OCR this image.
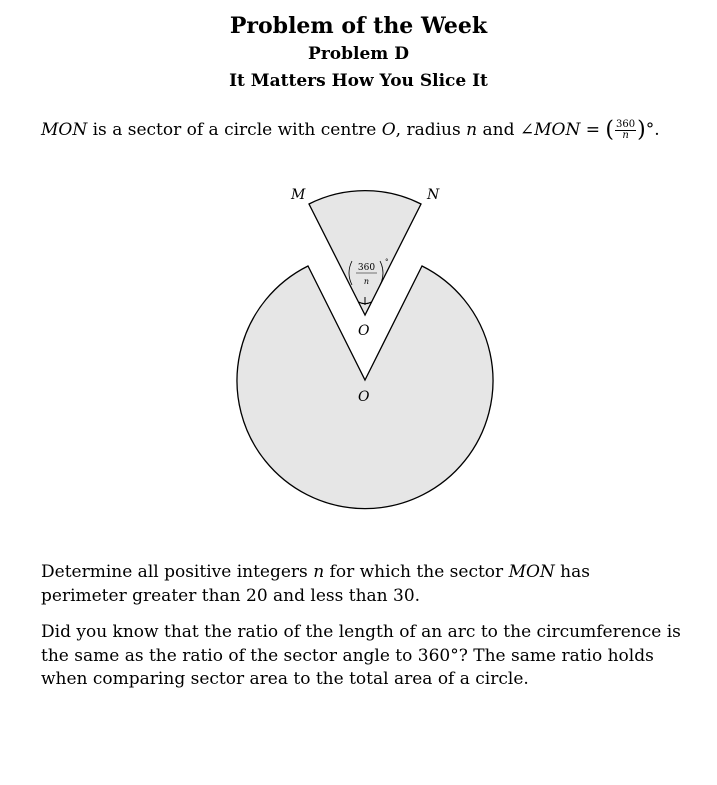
Problem of the Week
Problem D
It Matters How You Slice It
MON is a sector of a circle with centre O, radius n and ∠MON = ( $\frac{360}{n}$ )°.
360
n
°
M	N
O
O
Determine all positive integers n for which the sector MON has perimeter greater than 20 and less than 30.
Did you know that the ratio of the length of an arc to the circumference is the same as the ratio of the sector angle to 360°? The same ratio holds when comparing sector area to the total area of a circle.
